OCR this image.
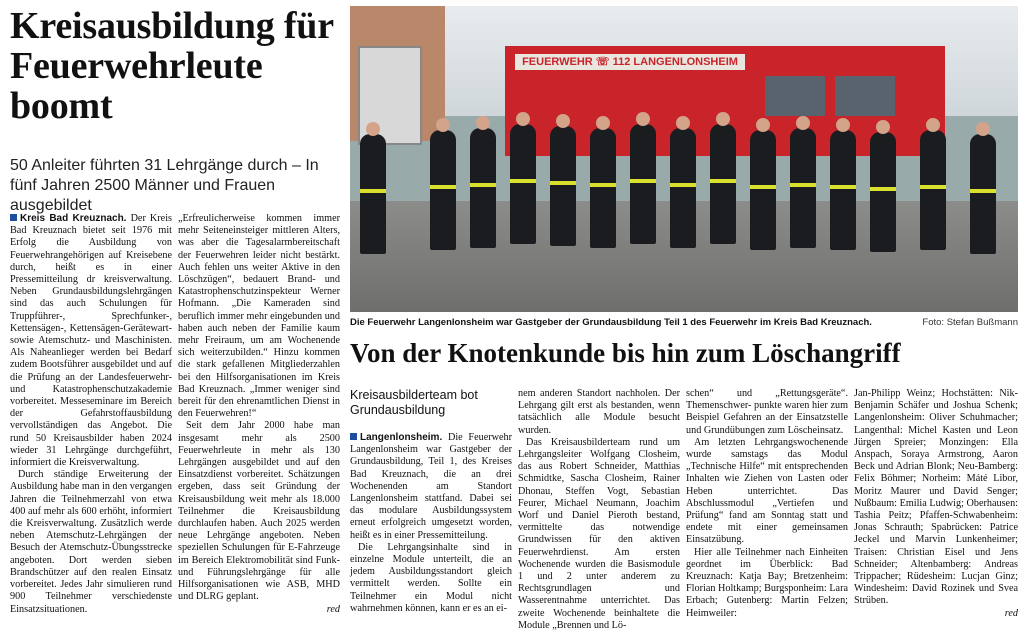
Kreisausbildung für Feuerwehrleute boomt

50 Anleiter führten 31 Lehrgänge durch – In fünf Jahren 2500 Männer und Frauen ausgebildet

Kreis Bad Kreuznach. Der Kreis Bad Kreuznach bietet seit 1976 mit Erfolg die Ausbildung von Feuerwehrangehörigen auf Kreisebene durch, heißt es in einer Pressemitteilung dr kreisverwaltung. Neben Grundausbildungslehrgängen sind das auch Schulungen für Truppführer-, Sprechfunker-, Kettensägen-, Kettensägen-Gerätewart- sowie Atemschutz- und Maschinisten. Als Naheanlieger werden bei Bedarf zudem Bootsführer ausgebildet und auf die Prüfung an der Landesfeuerwehr- und Katastrophenschutzakademie vorbereitet. Messeseminare im Bereich der Gefahrstoffausbildung vervollständigen das Angebot. Die rund 50 Kreisausbilder haben 2024 wieder 31 Lehrgänge durchgeführt, informiert die Kreisverwaltung.

Durch ständige Erweiterung der Ausbildung habe man in den vergangen Jahren die Teilnehmerzahl von etwa 400 auf mehr als 600 erhöht, informiert die Kreisverwaltung. Zusätzlich werde neben Atemschutz-Lehrgängen der Besuch der Atemschutz-Übungsstrecke angeboten. Dort werden sieben Brandschützer auf den realen Einsatz vorbereitet. Jedes Jahr simulieren rund 900 Teilnehmer verschiedenste Einsatzsituationen.

„Erfreulicherweise kommen immer mehr Seiteneinsteiger mittleren Alters, was aber die Tagesalarmbereitschaft der Feuerwehren leider nicht bestärkt. Auch fehlen uns weiter Aktive in den Löschzügen“, bedauert Brand- und Katastrophenschutzinspekteur Werner Hofmann. „Die Kameraden sind beruflich immer mehr eingebunden und haben auch neben der Familie kaum mehr Freiraum, um am Wochenende sich weiterzubilden.“ Hinzu kommen die stark gefallenen Mitgliederzahlen bei den Hilfsorganisationen im Kreis Bad Kreuznach. „Immer weniger sind bereit für den ehrenamtlichen Dienst in den Feuerwehren!“

Seit dem Jahr 2000 habe man insgesamt mehr als 2500 Feuerwehrleute in mehr als 130 Lehrgängen ausgebildet und auf den Einsatzdienst vorbereitet. Schätzungen ergeben, dass seit Gründung der Kreisausbildung weit mehr als 18.000 Teilnehmer die Kreisausbildung durchlaufen haben. Auch 2025 werden neue Lehrgänge angeboten. Neben speziellen Schulungen für E-Fahrzeuge im Bereich Elektromobilität sind Funk- und Führungslehrgänge für alle Hilfsorganisationen wie ASB, MHD und DLRG geplant.

red
FEUERWEHR ☏ 112 LANGENLONSHEIM
Die Feuerwehr Langenlonsheim war Gastgeber der Grundausbildung Teil 1 des Feuerwehr im Kreis Bad Kreuznach.	Foto: Stefan Bußmann
Von der Knotenkunde bis hin zum Löschangriff

Kreisausbilderteam bot Grundausbildung

Langenlonsheim. Die Feuerwehr Langenlonsheim war Gastgeber der Grundausbildung, Teil 1, des Kreises Bad Kreuznach, die an drei Wochenenden am Standort Langenlonsheim stattfand. Dabei sei das modulare Ausbildungssystem erneut erfolgreich umgesetzt worden, heißt es in einer Pressemitteilung.

Die Lehrgangsinhalte sind in einzelne Module unterteilt, die an jedem Ausbildungsstandort gleich vermittelt werden. Sollte ein Teilnehmer ein Modul nicht wahrnehmen können, kann er es an ei-

nem anderen Standort nachholen. Der Lehrgang gilt erst als bestanden, wenn tatsächlich alle Module besucht wurden.

Das Kreisausbilderteam rund um Lehrgangsleiter Wolfgang Closheim, das aus Robert Schneider, Matthias Schmidtke, Sascha Closheim, Rainer Dhonau, Steffen Vogt, Sebastian Feurer, Michael Neumann, Joachim Worf und Daniel Pieroth bestand, vermittelte das notwendige Grundwissen für den aktiven Feuerwehrdienst. Am ersten Wochenende wurden die Basismodule 1 und 2 unter anderem zu Rechtsgrundlagen und Wasserentnahme unterrichtet. Das zweite Wochenende beinhaltete die Module „Brennen und Lö-

schen“ und „Rettungsgeräte“. Themenschwer- punkte waren hier zum Beispiel Gefahren an der Einsatzstelle und Grundübungen zum Löscheinsatz.

Am letzten Lehrgangswochenende wurde samstags das Modul „Technische Hilfe“ mit entsprechenden Inhalten wie Ziehen von Lasten oder Heben unterrichtet. Das Abschlussmodul „Vertiefen und Prüfung“ fand am Sonntag statt und endete mit einer gemeinsamen Einsatzübung.

Hier alle Teilnehmer nach Einheiten geordnet im Überblick: Bad Kreuznach: Katja Bay; Bretzenheim: Florian Holtkamp; Burgsponheim: Lara Erbach; Gutenberg: Martin Felzen; Heimweiler:

Jan-Philipp Weinz; Hochstätten: Nik-Benjamin Schäfer und Joshua Schenk; Langenlonsheim: Oliver Schuhmacher; Langenthal: Michel Kasten und Leon Jürgen Spreier; Monzingen: Ella Anspach, Soraya Armstrong, Aaron Beck und Adrian Blonk; Neu-Bamberg: Felix Böhmer; Norheim: Máté Libor, Moritz Maurer und David Senger; Nußbaum: Emilia Ludwig; Oberhausen: Tashia Peitz; Pfaffen-Schwabenheim: Jonas Schrauth; Spabrücken: Patrice Jeckel und Marvin Lunkenheimer; Traisen: Christian Eisel und Jens Schneider; Altenbamberg: Andreas Trippacher; Rüdesheim: Lucjan Ginz; Windesheim: David Rozinek und Svea Strüben.

red
